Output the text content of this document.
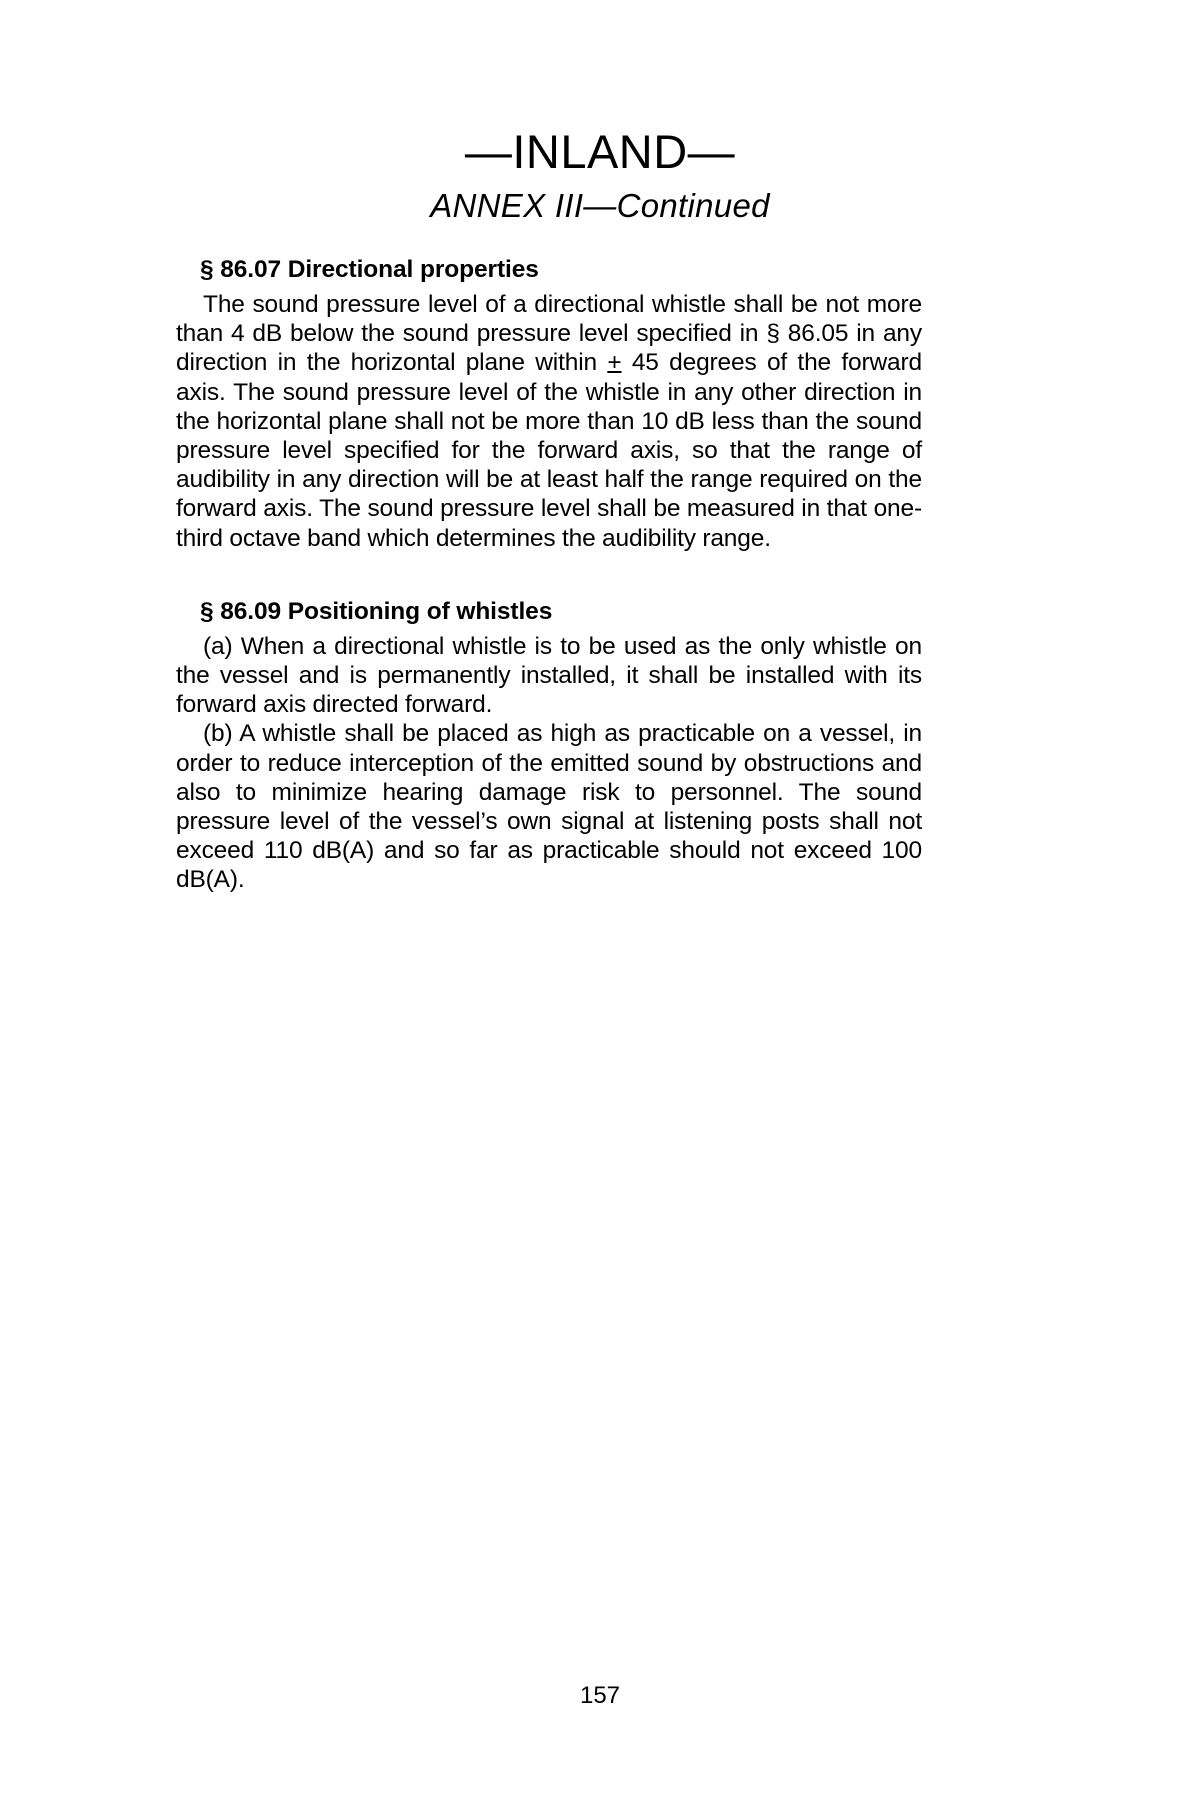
—INLAND—
ANNEX III—Continued
§ 86.07 Directional properties

The sound pressure level of a directional whistle shall be not more than 4 dB below the sound pressure level specified in § 86.05 in any direction in the horizontal plane within + 45 degrees of the forward axis. The sound pressure level of the whistle in any other direction in the horizontal plane shall not be more than 10 dB less than the sound pressure level specified for the forward axis, so that the range of audibility in any direction will be at least half the range required on the forward axis. The sound pressure level shall be measured in that one-third octave band which determines the audibility range.

§ 86.09 Positioning of whistles

(a) When a directional whistle is to be used as the only whistle on the vessel and is permanently installed, it shall be installed with its forward axis directed forward.

(b) A whistle shall be placed as high as practicable on a vessel, in order to reduce interception of the emitted sound by obstructions and also to minimize hearing damage risk to personnel. The sound pressure level of the vessel’s own signal at listening posts shall not exceed 110 dB(A) and so far as practicable should not exceed 100 dB(A).

157
